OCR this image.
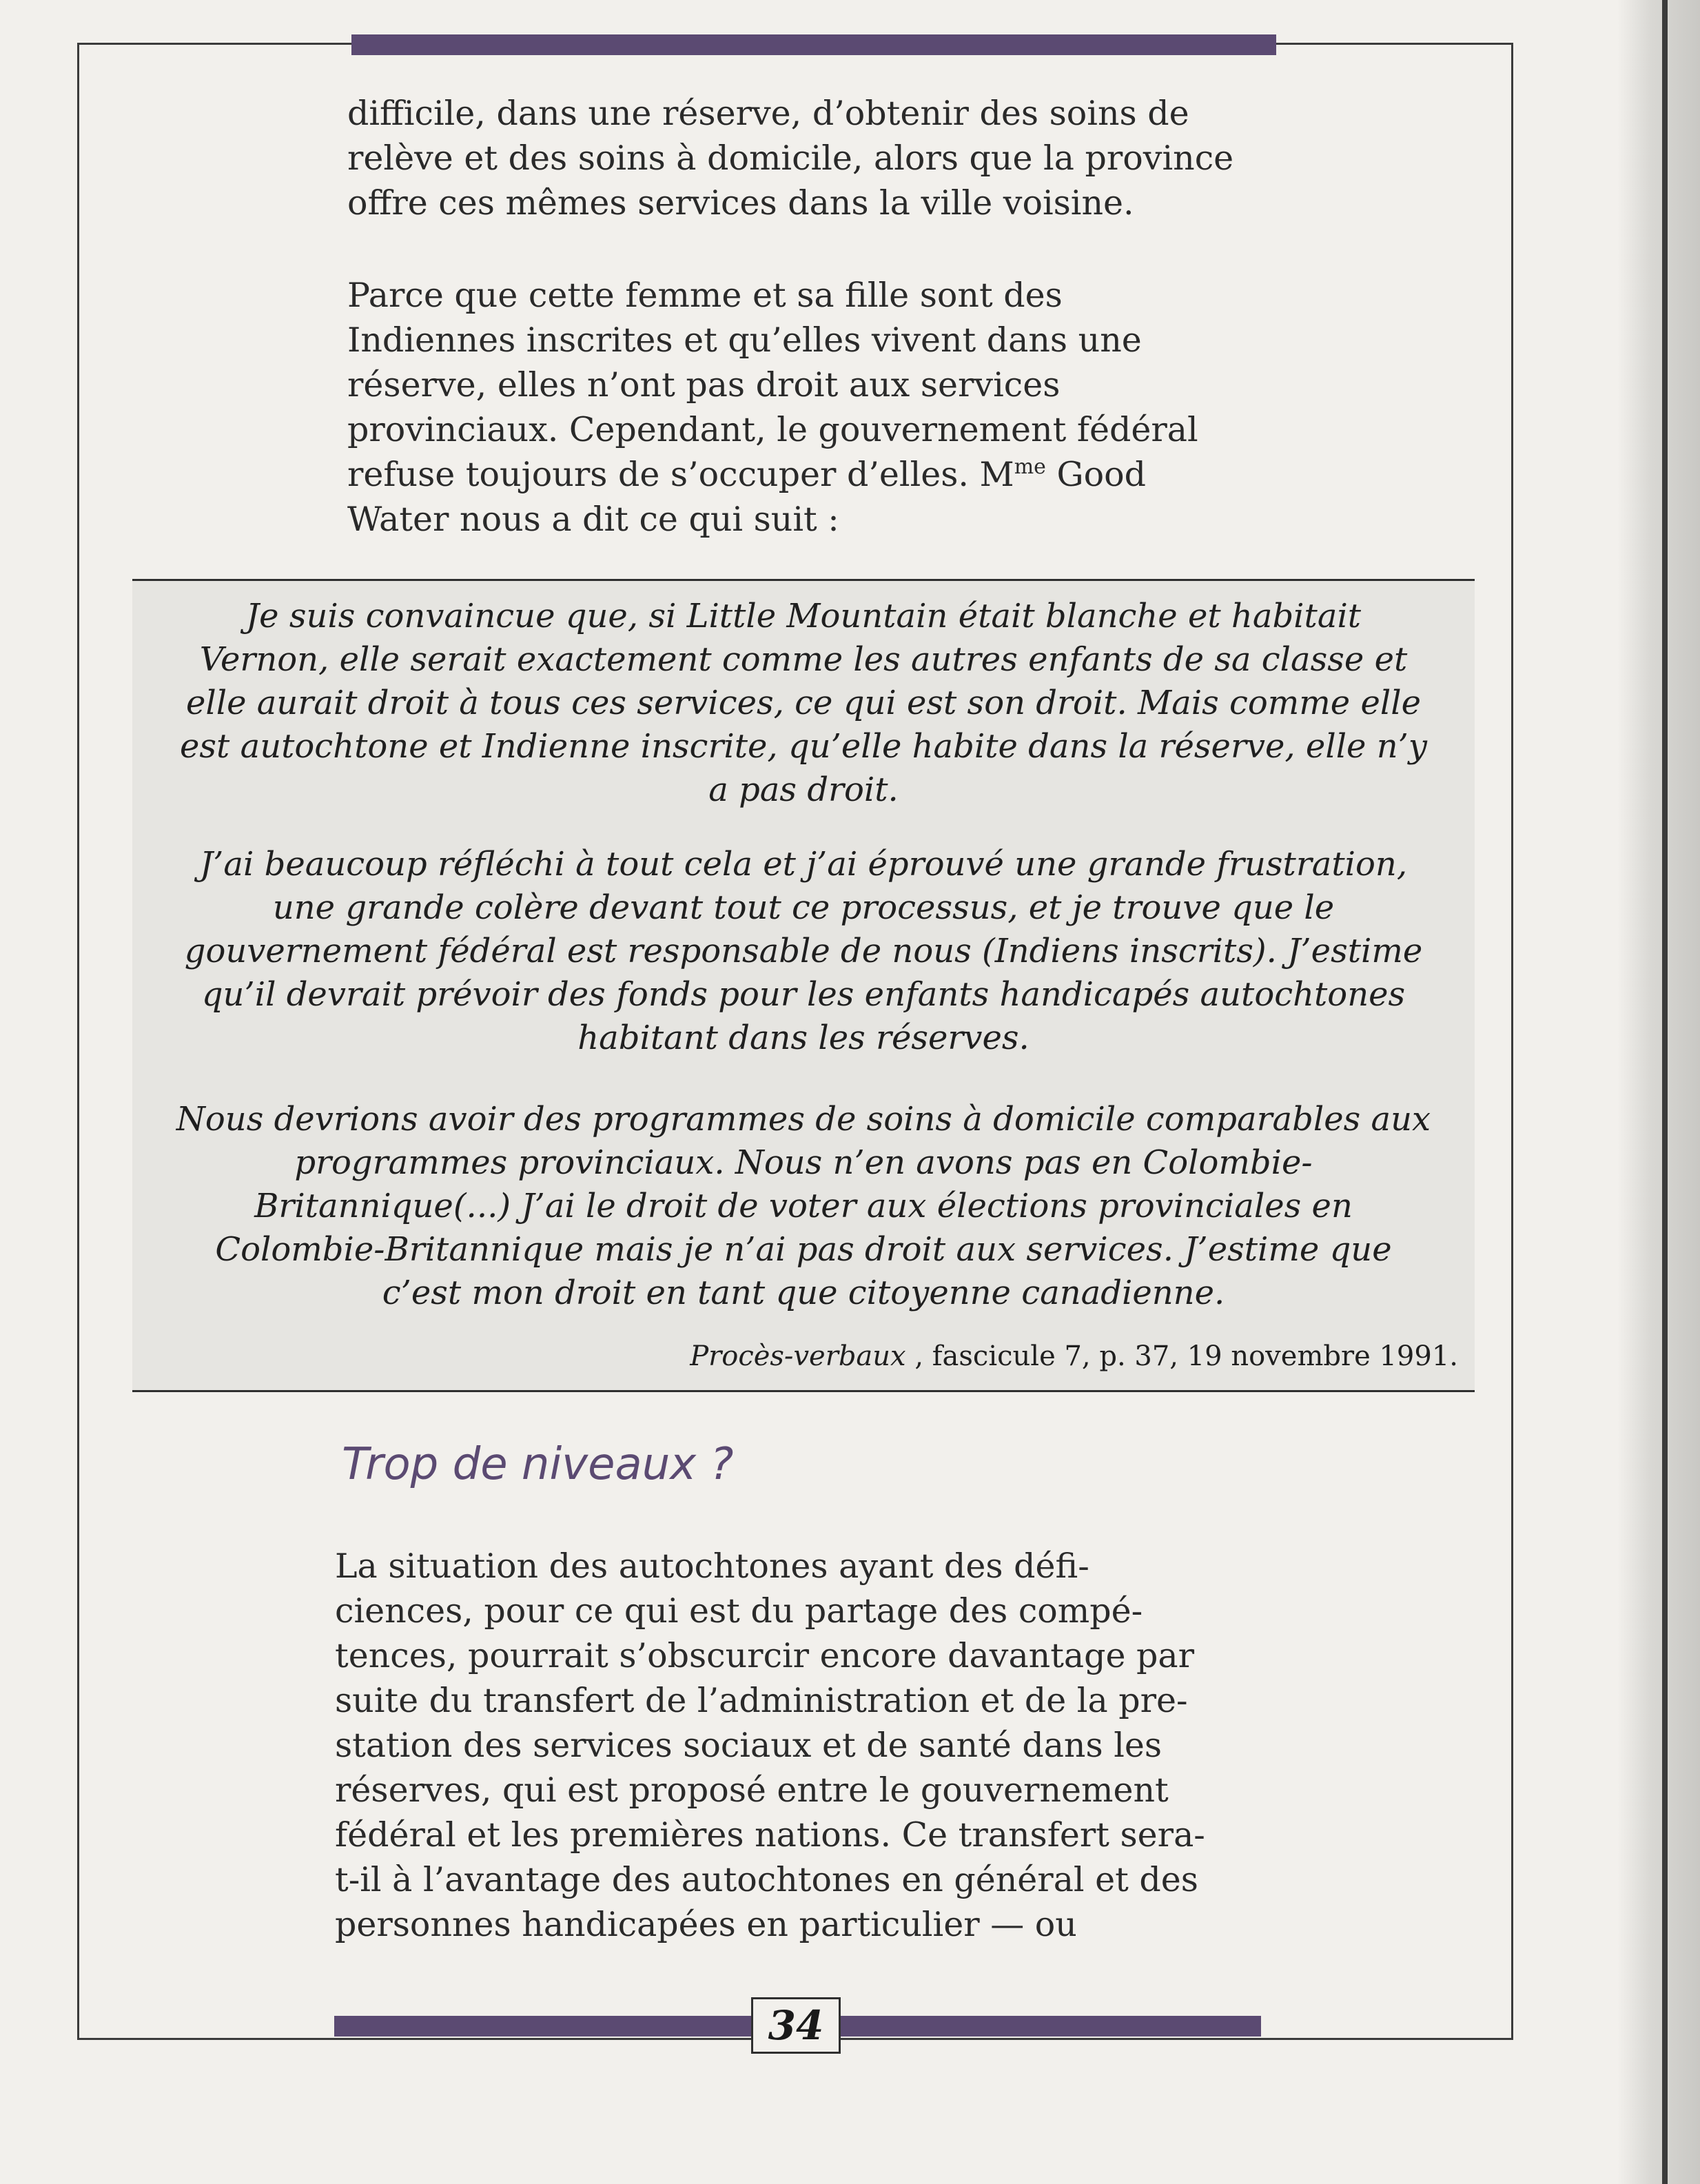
difficile, dans une réserve, d’obtenir des soins de
relève et des soins à domicile, alors que la province
offre ces mêmes services dans la ville voisine.

Parce que cette femme et sa fille sont des
Indiennes inscrites et qu’elles vivent dans une
réserve, elles n’ont pas droit aux services
provinciaux. Cependant, le gouvernement fédéral
refuse toujours de s’occuper d’elles. $M^{me}$ Good
Water nous a dit ce qui suit :

Je suis convaincue que, si Little Mountain était blanche et habitait
Vernon, elle serait exactement comme les autres enfants de sa classe et
elle aurait droit à tous ces services, ce qui est son droit. Mais comme elle
est autochtone et Indienne inscrite, qu’elle habite dans la réserve, elle n’y
a pas droit.

J’ai beaucoup réfléchi à tout cela et j’ai éprouvé une grande frustration,
une grande colère devant tout ce processus, et je trouve que le
gouvernement fédéral est responsable de nous (Indiens inscrits). J’estime
qu’il devrait prévoir des fonds pour les enfants handicapés autochtones
habitant dans les réserves.

Nous devrions avoir des programmes de soins à domicile comparables aux
programmes provinciaux. Nous n’en avons pas en Colombie-
Britannique(...) J’ai le droit de voter aux élections provinciales en
Colombie-Britannique mais je n’ai pas droit aux services. J’estime que
c’est mon droit en tant que citoyenne canadienne.

Procès-verbaux , fascicule 7, p. 37, 19 novembre 1991.

Trop de niveaux ?

La situation des autochtones ayant des défi-
ciences, pour ce qui est du partage des compé-
tences, pourrait s’obscurcir encore davantage par
suite du transfert de l’administration et de la pre-
station des services sociaux et de santé dans les
réserves, qui est proposé entre le gouvernement
fédéral et les premières nations. Ce transfert sera-
t-il à l’avantage des autochtones en général et des
personnes handicapées en particulier — ou

34
